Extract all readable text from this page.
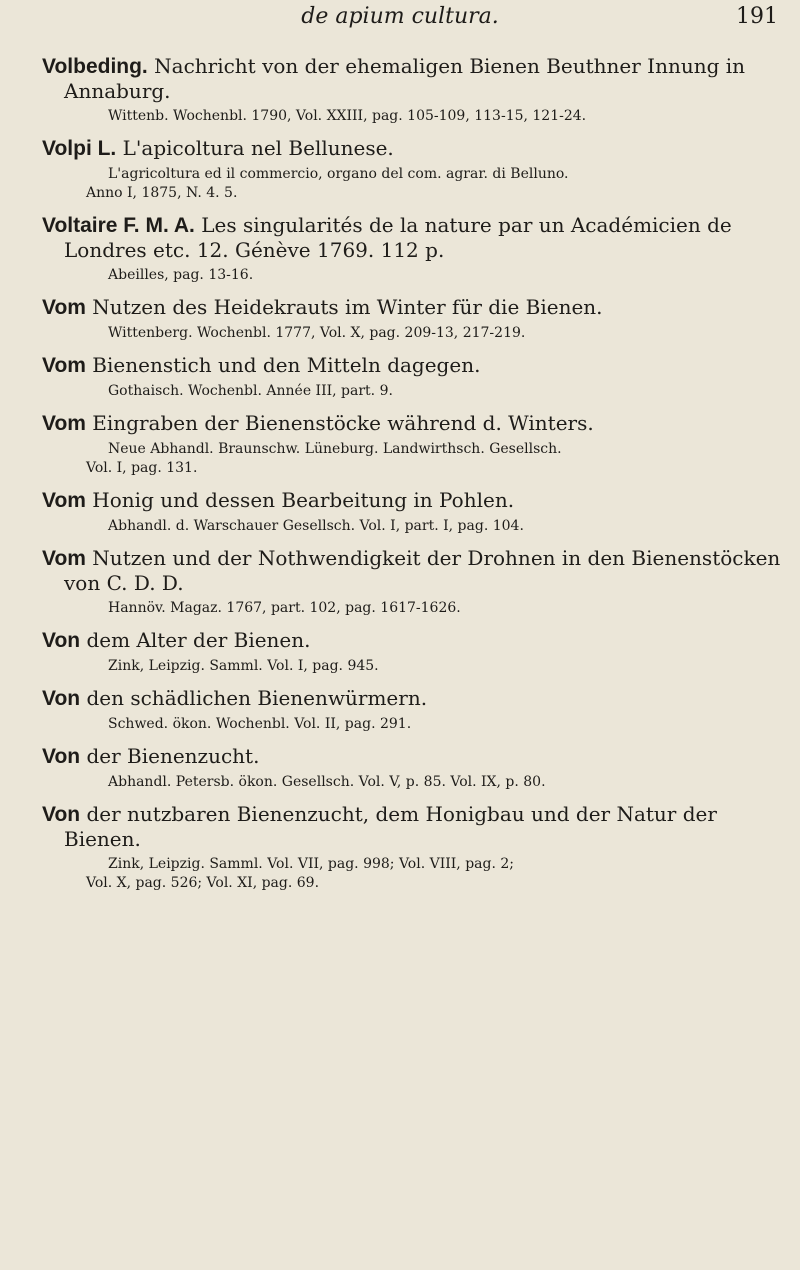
de apium cultura.	191
Volbeding. Nachricht von der ehemaligen Bienen Beuthner Innung in Annaburg.
Wittenb. Wochenbl. 1790, Vol. XXIII, pag. 105-109, 113-15, 121-24.
Volpi L. L'apicoltura nel Bellunese.
L'agricoltura ed il commercio, organo del com. agrar. di Belluno.
Anno I, 1875, N. 4. 5.
Voltaire F. M. A. Les singularités de la nature par un Académicien de Londres etc. 12. Génève 1769. 112 p.
Abeilles, pag. 13-16.
Vom Nutzen des Heidekrauts im Winter für die Bienen.
Wittenberg. Wochenbl. 1777, Vol. X, pag. 209-13, 217-219.
Vom Bienenstich und den Mitteln dagegen.
Gothaisch. Wochenbl. Année III, part. 9.
Vom Eingraben der Bienenstöcke während d. Winters.
Neue Abhandl. Braunschw. Lüneburg. Landwirthsch. Gesellsch.
Vol. I, pag. 131.
Vom Honig und dessen Bearbeitung in Pohlen.
Abhandl. d. Warschauer Gesellsch. Vol. I, part. I, pag. 104.
Vom Nutzen und der Nothwendigkeit der Drohnen in den Bienenstöcken von C. D. D.
Hannöv. Magaz. 1767, part. 102, pag. 1617-1626.
Von dem Alter der Bienen.
Zink, Leipzig. Samml. Vol. I, pag. 945.
Von den schädlichen Bienenwürmern.
Schwed. ökon. Wochenbl. Vol. II, pag. 291.
Von der Bienenzucht.
Abhandl. Petersb. ökon. Gesellsch. Vol. V, p. 85. Vol. IX, p. 80.
Von der nutzbaren Bienenzucht, dem Honigbau und der Natur der Bienen.
Zink, Leipzig. Samml. Vol. VII, pag. 998; Vol. VIII, pag. 2;
Vol. X, pag. 526; Vol. XI, pag. 69.
